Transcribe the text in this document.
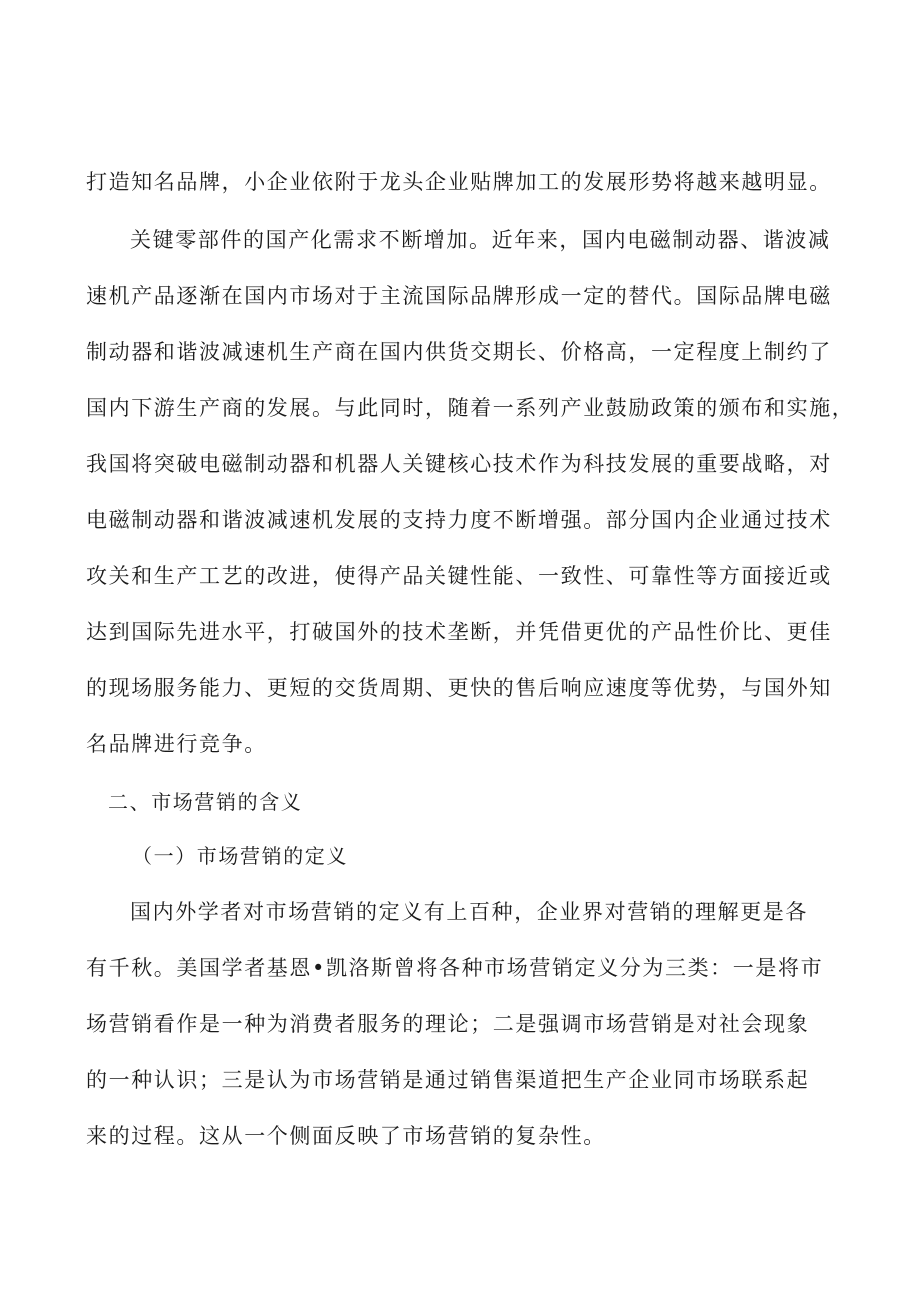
打造知名品牌，小企业依附于龙头企业贴牌加工的发展形势将越来越明显。
关键零部件的国产化需求不断增加。近年来，国内电磁制动器、谐波减
速机产品逐渐在国内市场对于主流国际品牌形成一定的替代。国际品牌电磁
制动器和谐波减速机生产商在国内供货交期长、价格高，一定程度上制约了
国内下游生产商的发展。与此同时，随着一系列产业鼓励政策的颁布和实施，
我国将突破电磁制动器和机器人关键核心技术作为科技发展的重要战略，对
电磁制动器和谐波减速机发展的支持力度不断增强。部分国内企业通过技术
攻关和生产工艺的改进，使得产品关键性能、一致性、可靠性等方面接近或
达到国际先进水平，打破国外的技术垄断，并凭借更优的产品性价比、更佳
的现场服务能力、更短的交货周期、更快的售后响应速度等优势，与国外知
名品牌进行竞争。
二、市场营销的含义
（一）市场营销的定义
国内外学者对市场营销的定义有上百种，企业界对营销的理解更是各
有千秋。美国学者基恩•凯洛斯曾将各种市场营销定义分为三类：一是将市
场营销看作是一种为消费者服务的理论；二是强调市场营销是对社会现象
的一种认识；三是认为市场营销是通过销售渠道把生产企业同市场联系起
来的过程。这从一个侧面反映了市场营销的复杂性。
